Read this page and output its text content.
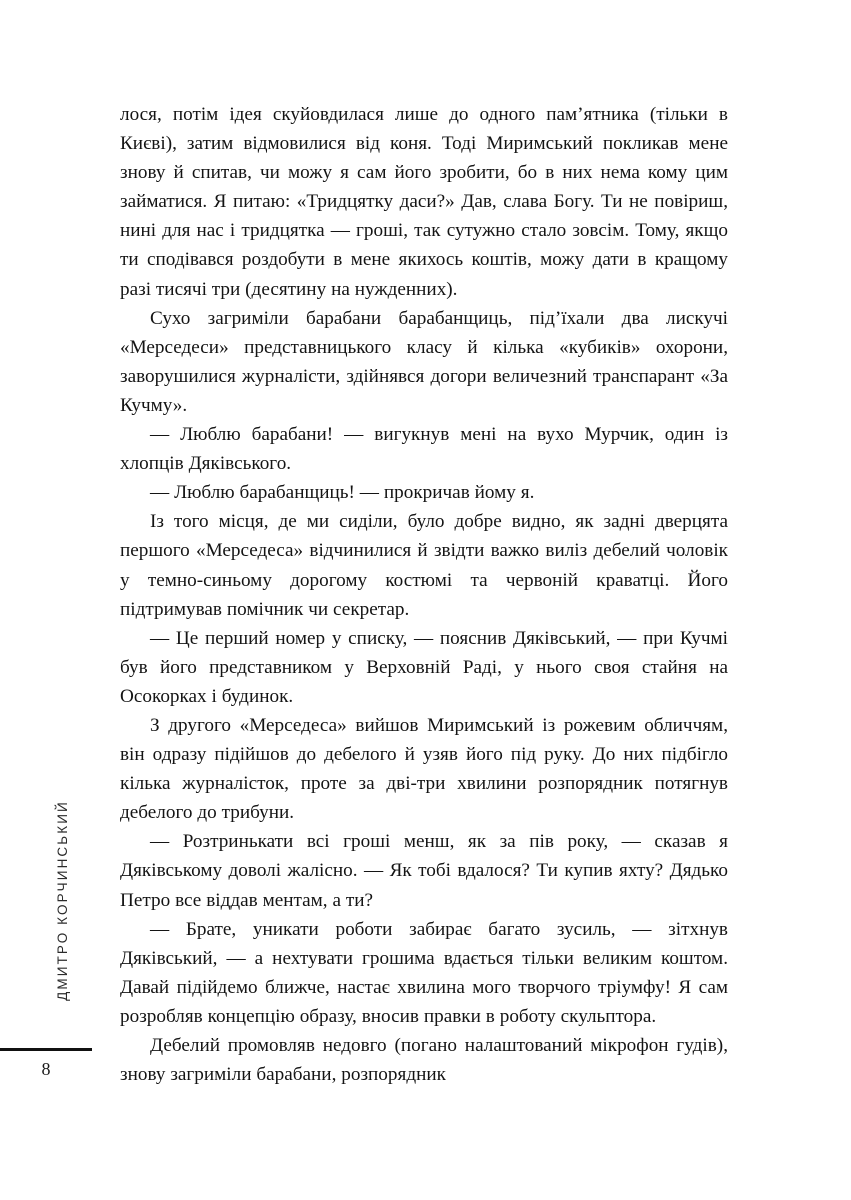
ДМИТРО КОРЧИНСЬКИЙ
8

лося, потім ідея скуйовдилася лише до одного пам’ятника (тільки в Києві), затим відмовилися від коня. Тоді Миримський покликав мене знову й спитав, чи можу я сам його зробити, бо в них нема кому цим займатися. Я питаю: «Тридцятку даси?» Дав, слава Богу. Ти не повіриш, нині для нас і тридцятка — гроші, так сутужно стало зовсім. Тому, якщо ти сподівався роздобути в мене якихось коштів, можу дати в кращому разі тисячі три (десятину на нужденних).

Сухо загриміли барабани барабанщиць, під’їхали два лискучі «Мерседеси» представницького класу й кілька «кубиків» охорони, заворушилися журналісти, здійнявся догори величезний транспарант «За Кучму».

— Люблю барабани! — вигукнув мені на вухо Мурчик, один із хлопців Дяківського.

— Люблю барабанщиць! — прокричав йому я.

Із того місця, де ми сиділи, було добре видно, як задні дверцята першого «Мерседеса» відчинилися й звідти важко виліз дебелий чоловік у темно-синьому дорогому костюмі та червоній краватці. Його підтримував помічник чи секретар.

— Це перший номер у списку, — пояснив Дяківський, — при Кучмі був його представником у Верховній Раді, у нього своя стайня на Осокорках і будинок.

З другого «Мерседеса» вийшов Миримський із рожевим обличчям, він одразу підійшов до дебелого й узяв його під руку. До них підбігло кілька журналісток, проте за дві-три хвилини розпорядник потягнув дебелого до трибуни.

— Розтринькати всі гроші менш, як за пів року, — сказав я Дяківському доволі жалісно. — Як тобі вдалося? Ти купив яхту? Дядько Петро все віддав ментам, а ти?

— Брате, уникати роботи забирає багато зусиль, — зітхнув Дяківський, — а нехтувати грошима вдається тільки великим коштом. Давай підійдемо ближче, настає хвилина мого творчого тріумфу! Я сам розробляв концепцію образу, вносив правки в роботу скульптора.

Дебелий промовляв недовго (погано налаштований мікрофон гудів), знову загриміли барабани, розпорядник
